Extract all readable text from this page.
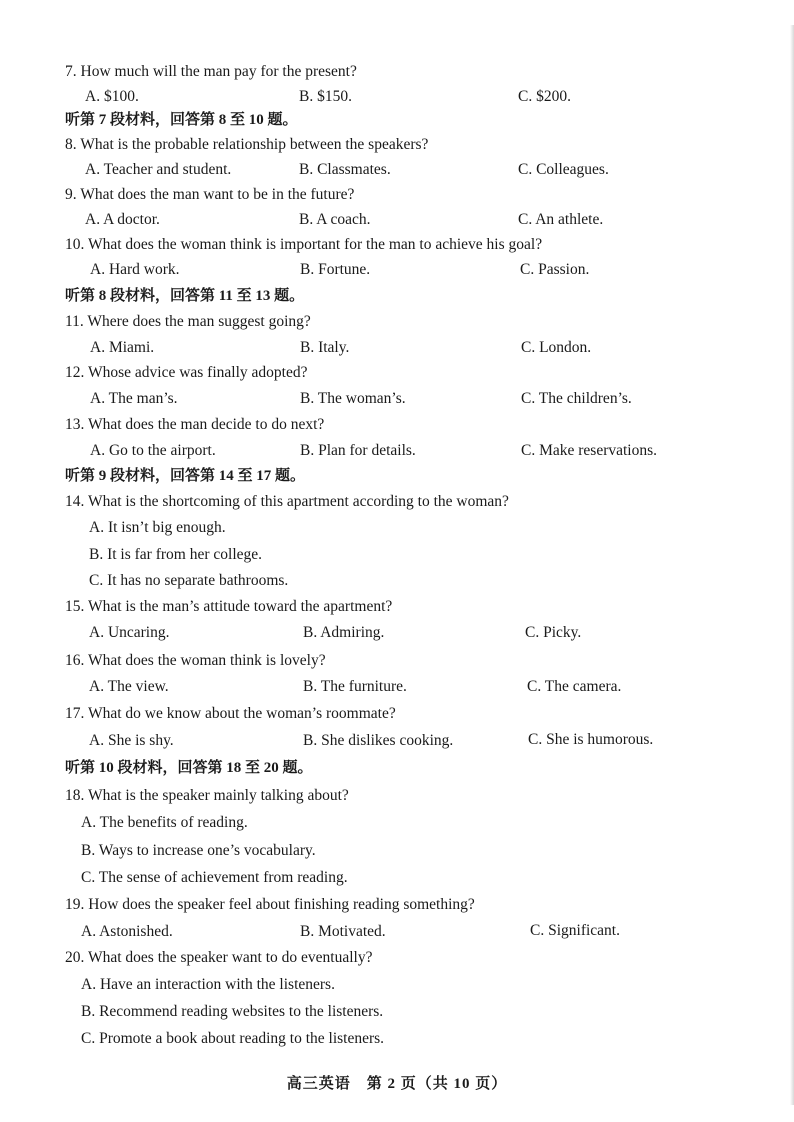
7. How much will the man pay for the present?
A. $100.	B. $150.	C. $200.
听第 7 段材料，回答第 8 至 10 题。
8. What is the probable relationship between the speakers?
A. Teacher and student.	B. Classmates.	C. Colleagues.
9. What does the man want to be in the future?
A. A doctor.	B. A coach.	C. An athlete.
10. What does the woman think is important for the man to achieve his goal?
A. Hard work.	B. Fortune.	C. Passion.
听第 8 段材料，回答第 11 至 13 题。
11. Where does the man suggest going?
A. Miami.	B. Italy.	C. London.
12. Whose advice was finally adopted?
A. The man’s.	B. The woman’s.	C. The children’s.
13. What does the man decide to do next?
A. Go to the airport.	B. Plan for details.	C. Make reservations.
听第 9 段材料，回答第 14 至 17 题。
14. What is the shortcoming of this apartment according to the woman?
A. It isn’t big enough.
B. It is far from her college.
C. It has no separate bathrooms.
15. What is the man’s attitude toward the apartment?
A. Uncaring.	B. Admiring.	C. Picky.
16. What does the woman think is lovely?
A. The view.	B. The furniture.	C. The camera.
17. What do we know about the woman’s roommate?
A. She is shy.	B. She dislikes cooking.	C. She is humorous.
听第 10 段材料，回答第 18 至 20 题。
18. What is the speaker mainly talking about?
A. The benefits of reading.
B. Ways to increase one’s vocabulary.
C. The sense of achievement from reading.
19. How does the speaker feel about finishing reading something?
A. Astonished.	B. Motivated.	C. Significant.
20. What does the speaker want to do eventually?
A. Have an interaction with the listeners.
B. Recommend reading websites to the listeners.
C. Promote a book about reading to the listeners.
高三英语　第 2 页（共 10 页）
